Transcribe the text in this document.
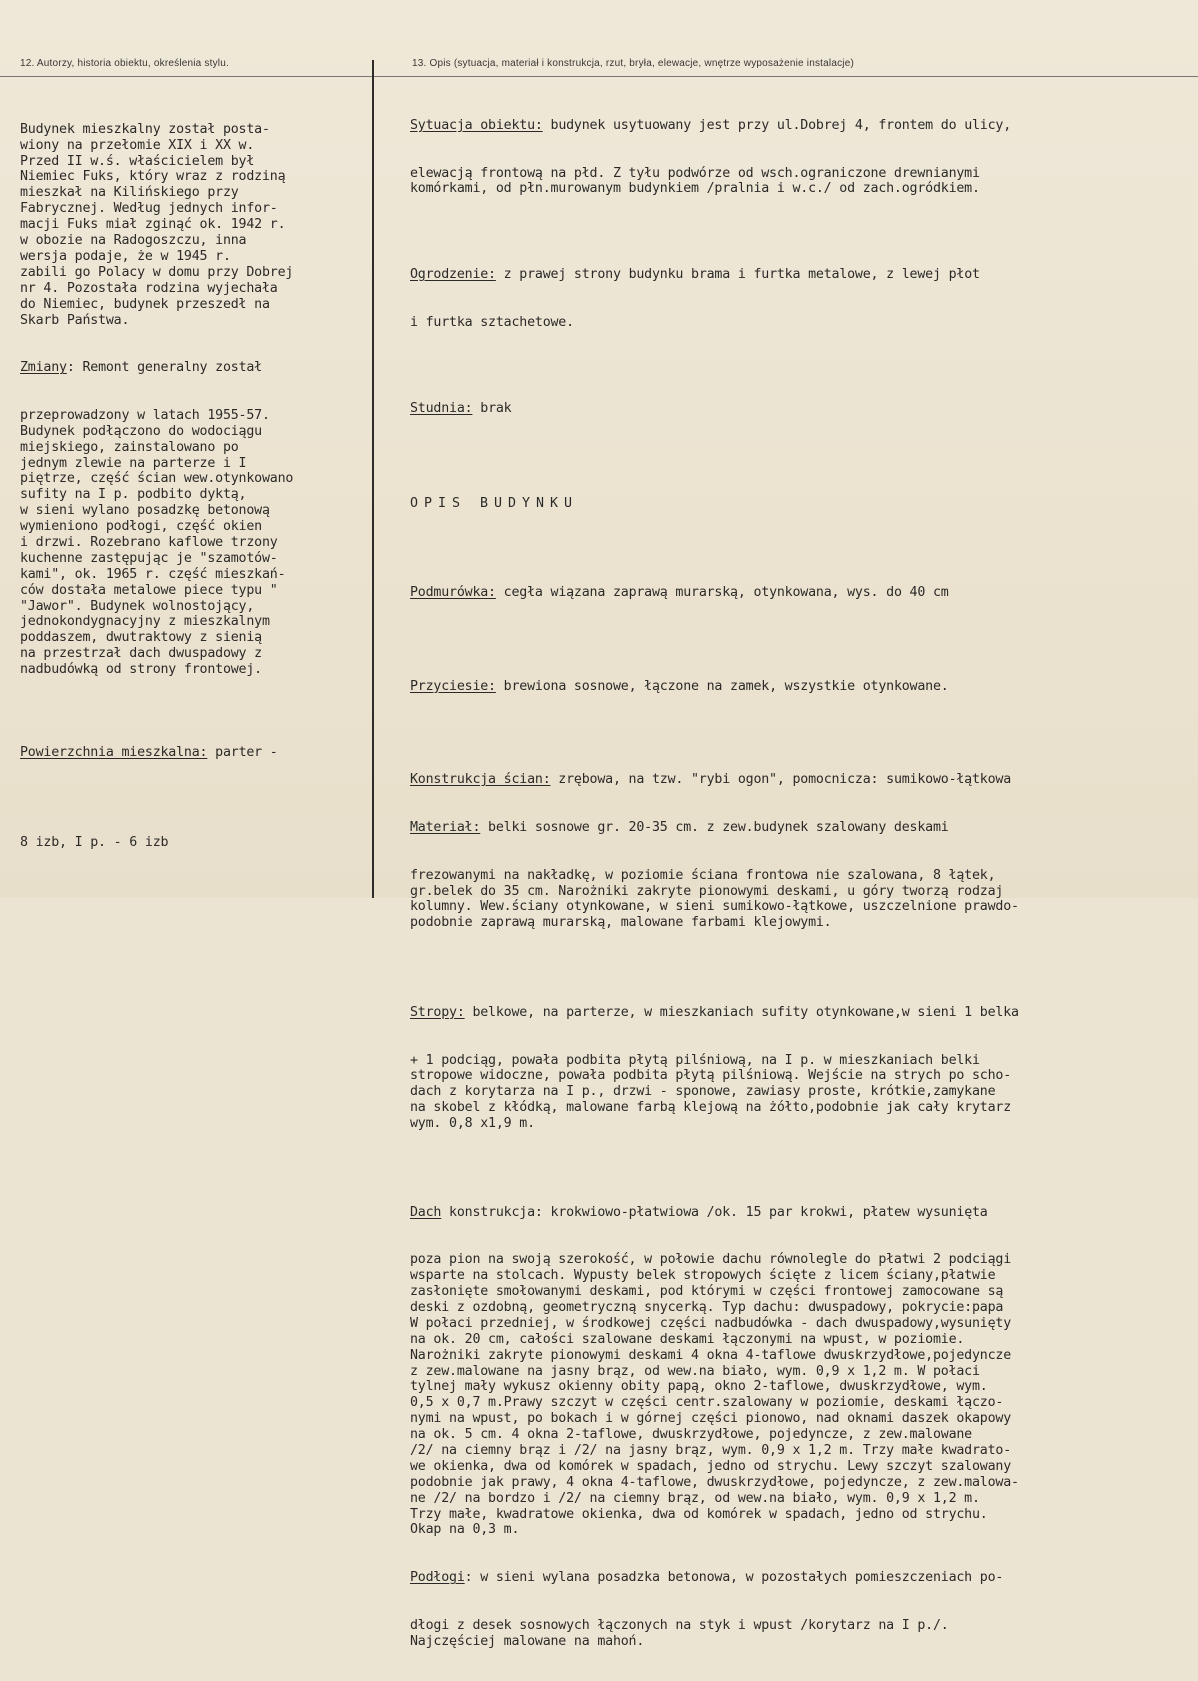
12. Autorzy, historia obiektu, określenia stylu.	13. Opis (sytuacja, materiał i konstrukcja, rzut, bryła, elewacje, wnętrze wyposażenie instalacje)

Budynek mieszkalny został posta-
wiony na przełomie XIX i XX w.
Przed II w.ś. właścicielem był
Niemiec Fuks, który wraz z rodziną
mieszkał na Kilińskiego przy
Fabrycznej. Według jednych infor-
macji Fuks miał zginąć ok. 1942 r.
w obozie na Radogoszczu, inna
wersja podaje, że w 1945 r.
zabili go Polacy w domu przy Dobrej
nr 4. Pozostała rodzina wyjechała
do Niemiec, budynek przeszedł na
Skarb Państwa.

Zmiany: Remont generalny został

przeprowadzony w latach 1955-57.
Budynek podłączono do wodociągu
miejskiego, zainstalowano po
jednym zlewie na parterze i I
piętrze, część ścian wew.otynkowano
sufity na I p. podbito dyktą,
w sieni wylano posadzkę betonową
wymieniono podłogi, część okien
i drzwi. Rozebrano kaflowe trzony
kuchenne zastępując je "szamotów-
kami", ok. 1965 r. część mieszkań-
ców dostała metalowe piece typu "
"Jawor". Budynek wolnostojący,
jednokondygnacyjny z mieszkalnym
poddaszem, dwutraktowy z sienią
na przestrzał dach dwuspadowy z
nadbudówką od strony frontowej.

Powierzchnia mieszkalna: parter -

8 izb, I p. - 6 izb

Sytuacja obiektu: budynek usytuowany jest przy ul.Dobrej 4, frontem do ulicy,

elewacją frontową na płd. Z tyłu podwórze od wsch.ograniczone drewnianymi
komórkami, od płn.murowanym budynkiem /pralnia i w.c./ od zach.ogródkiem.

Ogrodzenie: z prawej strony budynku brama i furtka metalowe, z lewej płot

i furtka sztachetowe.

Studnia: brak

OPIS BUDYNKU

Podmurówka: cegła wiązana zaprawą murarską, otynkowana, wys. do 40 cm

Przyciesie: brewiona sosnowe, łączone na zamek, wszystkie otynkowane.

Konstrukcja ścian: zrębowa, na tzw. "rybi ogon", pomocnicza: sumikowo-łątkowa

Materiał: belki sosnowe gr. 20-35 cm. z zew.budynek szalowany deskami

frezowanymi na nakładkę, w poziomie ściana frontowa nie szalowana, 8 łątek,
gr.belek do 35 cm. Narożniki zakryte pionowymi deskami, u góry tworzą rodzaj
kolumny. Wew.ściany otynkowane, w sieni sumikowo-łątkowe, uszczelnione prawdo-
podobnie zaprawą murarską, malowane farbami klejowymi.

Stropy: belkowe, na parterze, w mieszkaniach sufity otynkowane,w sieni 1 belka

+ 1 podciąg, powała podbita płytą pilśniową, na I p. w mieszkaniach belki
stropowe widoczne, powała podbita płytą pilśniową. Wejście na strych po scho-
dach z korytarza na I p., drzwi - sponowe, zawiasy proste, krótkie,zamykane
na skobel z kłódką, malowane farbą klejową na żółto,podobnie jak cały krytarz
wym. 0,8 x1,9 m.

Dach konstrukcja: krokwiowo-płatwiowa /ok. 15 par krokwi, płatew wysunięta

poza pion na swoją szerokość, w połowie dachu równolegle do płatwi 2 podciągi
wsparte na stolcach. Wypusty belek stropowych ścięte z licem ściany,płatwie
zasłonięte smołowanymi deskami, pod którymi w części frontowej zamocowane są
deski z ozdobną, geometryczną snycerką. Typ dachu: dwuspadowy, pokrycie:papa
W połaci przedniej, w środkowej części nadbudówka - dach dwuspadowy,wysunięty
na ok. 20 cm, całości szalowane deskami łączonymi na wpust, w poziomie.
Narożniki zakryte pionowymi deskami 4 okna 4-taflowe dwuskrzydłowe,pojedyncze
z zew.malowane na jasny brąz, od wew.na biało, wym. 0,9 x 1,2 m. W połaci
tylnej mały wykusz okienny obity papą, okno 2-taflowe, dwuskrzydłowe, wym.
0,5 x 0,7 m.Prawy szczyt w części centr.szalowany w poziomie, deskami łączo-
nymi na wpust, po bokach i w górnej części pionowo, nad oknami daszek okapowy
na ok. 5 cm. 4 okna 2-taflowe, dwuskrzydłowe, pojedyncze, z zew.malowane
/2/ na ciemny brąz i /2/ na jasny brąz, wym. 0,9 x 1,2 m. Trzy małe kwadrato-
we okienka, dwa od komórek w spadach, jedno od strychu. Lewy szczyt szalowany
podobnie jak prawy, 4 okna 4-taflowe, dwuskrzydłowe, pojedyncze, z zew.malowa-
ne /2/ na bordzo i /2/ na ciemny brąz, od wew.na biało, wym. 0,9 x 1,2 m.
Trzy małe, kwadratowe okienka, dwa od komórek w spadach, jedno od strychu.
Okap na 0,3 m.

Podłogi: w sieni wylana posadzka betonowa, w pozostałych pomieszczeniach po-

dłogi z desek sosnowych łączonych na styk i wpust /korytarz na I p./.
Najczęściej malowane na mahoń.
